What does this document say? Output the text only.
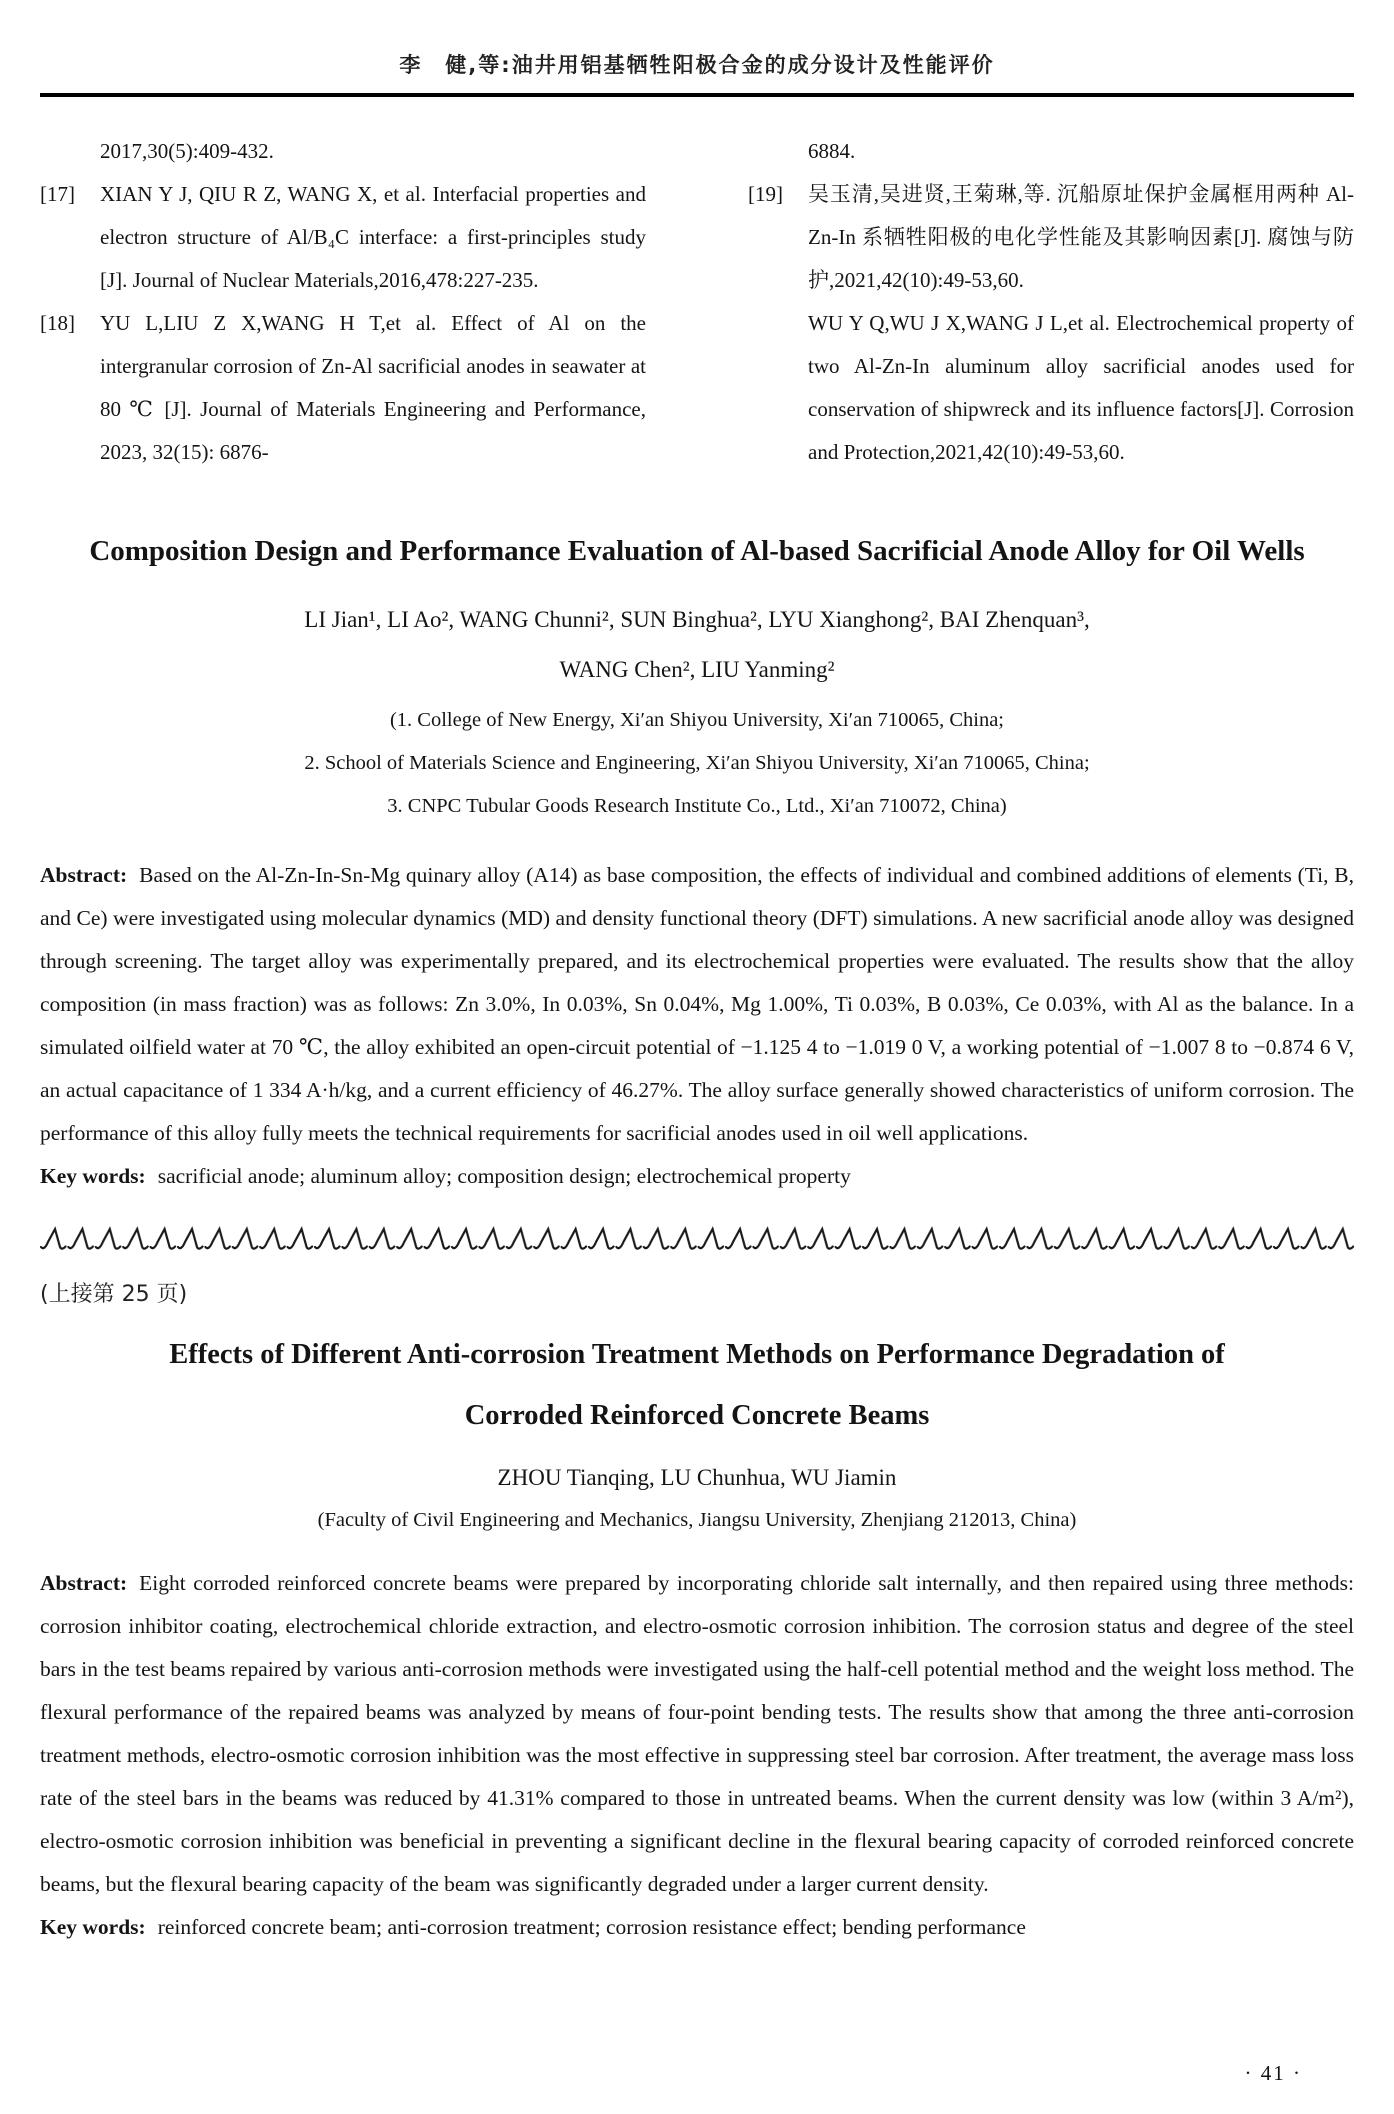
李　健,等:油井用铝基牺牲阳极合金的成分设计及性能评价
2017,30(5):409-432.
[17] XIAN Y J, QIU R Z, WANG X, et al. Interfacial properties and electron structure of Al/B₄C interface: a first-principles study [J]. Journal of Nuclear Materials,2016,478:227-235.
[18] YU L,LIU Z X,WANG H T,et al. Effect of Al on the intergranular corrosion of Zn-Al sacrificial anodes in seawater at 80 ℃ [J]. Journal of Materials Engineering and Performance, 2023, 32(15): 6876-
6884.
[19] 吴玉清,吴进贤,王菊琳,等. 沉船原址保护金属框用两种 Al-Zn-In 系牺牲阳极的电化学性能及其影响因素[J]. 腐蚀与防护,2021,42(10):49-53,60.
WU Y Q,WU J X,WANG J L,et al. Electrochemical property of two Al-Zn-In aluminum alloy sacrificial anodes used for conservation of shipwreck and its influence factors[J]. Corrosion and Protection,2021,42(10):49-53,60.
Composition Design and Performance Evaluation of Al-based Sacrificial Anode Alloy for Oil Wells
LI Jian¹, LI Ao², WANG Chunni², SUN Binghua², LYU Xianghong², BAI Zhenquan³,
WANG Chen², LIU Yanming²
(1. College of New Energy, Xi′an Shiyou University, Xi′an 710065, China;
2. School of Materials Science and Engineering, Xi′an Shiyou University, Xi′an 710065, China;
3. CNPC Tubular Goods Research Institute Co., Ltd., Xi′an 710072, China)

Abstract: Based on the Al-Zn-In-Sn-Mg quinary alloy (A14) as base composition, the effects of individual and combined additions of elements (Ti, B, and Ce) were investigated using molecular dynamics (MD) and density functional theory (DFT) simulations. A new sacrificial anode alloy was designed through screening. The target alloy was experimentally prepared, and its electrochemical properties were evaluated. The results show that the alloy composition (in mass fraction) was as follows: Zn 3.0%, In 0.03%, Sn 0.04%, Mg 1.00%, Ti 0.03%, B 0.03%, Ce 0.03%, with Al as the balance. In a simulated oilfield water at 70 ℃, the alloy exhibited an open-circuit potential of −1.125 4 to −1.019 0 V, a working potential of −1.007 8 to −0.874 6 V, an actual capacitance of 1 334 A·h/kg, and a current efficiency of 46.27%. The alloy surface generally showed characteristics of uniform corrosion. The performance of this alloy fully meets the technical requirements for sacrificial anodes used in oil well applications.

Key words: sacrificial anode; aluminum alloy; composition design; electrochemical property

(上接第 25 页)
Effects of Different Anti-corrosion Treatment Methods on Performance Degradation of
Corroded Reinforced Concrete Beams
ZHOU Tianqing, LU Chunhua, WU Jiamin
(Faculty of Civil Engineering and Mechanics, Jiangsu University, Zhenjiang 212013, China)

Abstract: Eight corroded reinforced concrete beams were prepared by incorporating chloride salt internally, and then repaired using three methods: corrosion inhibitor coating, electrochemical chloride extraction, and electro-osmotic corrosion inhibition. The corrosion status and degree of the steel bars in the test beams repaired by various anti-corrosion methods were investigated using the half-cell potential method and the weight loss method. The flexural performance of the repaired beams was analyzed by means of four-point bending tests. The results show that among the three anti-corrosion treatment methods, electro-osmotic corrosion inhibition was the most effective in suppressing steel bar corrosion. After treatment, the average mass loss rate of the steel bars in the beams was reduced by 41.31% compared to those in untreated beams. When the current density was low (within 3 A/m²), electro-osmotic corrosion inhibition was beneficial in preventing a significant decline in the flexural bearing capacity of corroded reinforced concrete beams, but the flexural bearing capacity of the beam was significantly degraded under a larger current density.

Key words: reinforced concrete beam; anti-corrosion treatment; corrosion resistance effect; bending performance

· 41 ·
